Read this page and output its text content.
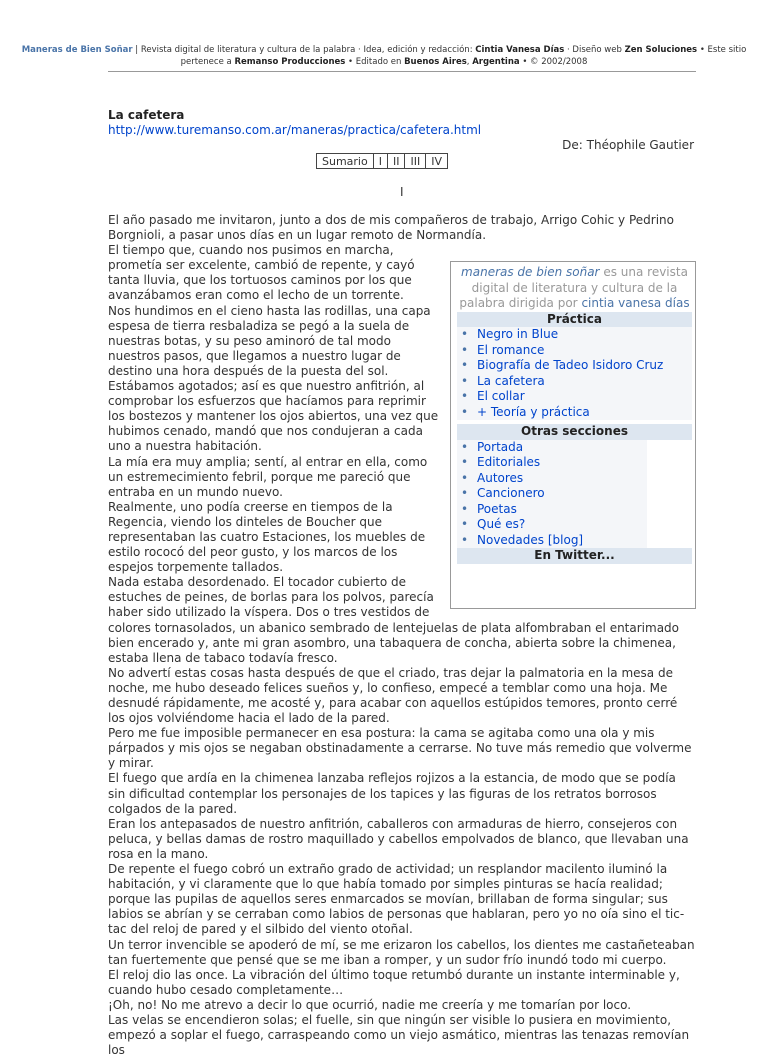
Maneras de Bien Soñar | Revista digital de literatura y cultura de la palabra · Idea, edición y redacción: Cintia Vanesa Días · Diseño web Zen Soluciones • Este sitio pertenece a Remanso Producciones • Editado en Buenos Aires, Argentina • © 2002/2008
La cafetera
http://www.turemanso.com.ar/maneras/practica/cafetera.html
De: Théophile Gautier
Sumario	I	II	III	IV
I

El año pasado me invitaron, junto a dos de mis compañeros de trabajo, Arrigo Cohic y Pedrino Borgnioli, a pasar unos días en un lugar remoto de Normandía.

maneras de bien soñar es una revista digital de literatura y cultura de la palabra dirigida por cintia vanesa días
Práctica
• Negro in Blue
• El romance
• Biografía de Tadeo Isidoro Cruz
• La cafetera
• El collar
• + Teoría y práctica
Otras secciones
• Portada
• Editoriales
• Autores
• Cancionero
• Poetas
• Qué es?
• Novedades [blog]
En Twitter...

El tiempo que, cuando nos pusimos en marcha, prometía ser excelente, cambió de repente, y cayó tanta lluvia, que los tortuosos caminos por los que avanzábamos eran como el lecho de un torrente.

Nos hundimos en el cieno hasta las rodillas, una capa espesa de tierra resbaladiza se pegó a la suela de nuestras botas, y su peso aminoró de tal modo nuestros pasos, que llegamos a nuestro lugar de destino una hora después de la puesta del sol.

Estábamos agotados; así es que nuestro anfitrión, al comprobar los esfuerzos que hacíamos para reprimir los bostezos y mantener los ojos abiertos, una vez que hubimos cenado, mandó que nos condujeran a cada uno a nuestra habitación.

La mía era muy amplia; sentí, al entrar en ella, como un estremecimiento febril, porque me pareció que entraba en un mundo nuevo.

Realmente, uno podía creerse en tiempos de la Regencia, viendo los dinteles de Boucher que representaban las cuatro Estaciones, los muebles de estilo rococó del peor gusto, y los marcos de los espejos torpemente tallados.

Nada estaba desordenado. El tocador cubierto de estuches de peines, de borlas para los polvos, parecía haber sido utilizado la víspera. Dos o tres vestidos de colores tornasolados, un abanico sembrado de lentejuelas de plata alfombraban el entarimado bien encerado y, ante mi gran asombro, una tabaquera de concha, abierta sobre la chimenea, estaba llena de tabaco todavía fresco.

No advertí estas cosas hasta después de que el criado, tras dejar la palmatoria en la mesa de noche, me hubo deseado felices sueños y, lo confieso, empecé a temblar como una hoja. Me desnudé rápidamente, me acosté y, para acabar con aquellos estúpidos temores, pronto cerré los ojos volviéndome hacia el lado de la pared.

Pero me fue imposible permanecer en esa postura: la cama se agitaba como una ola y mis párpados y mis ojos se negaban obstinadamente a cerrarse. No tuve más remedio que volverme y mirar.

El fuego que ardía en la chimenea lanzaba reflejos rojizos a la estancia, de modo que se podía sin dificultad contemplar los personajes de los tapices y las figuras de los retratos borrosos colgados de la pared.

Eran los antepasados de nuestro anfitrión, caballeros con armaduras de hierro, consejeros con peluca, y bellas damas de rostro maquillado y cabellos empolvados de blanco, que llevaban una rosa en la mano.

De repente el fuego cobró un extraño grado de actividad; un resplandor macilento iluminó la habitación, y vi claramente que lo que había tomado por simples pinturas se hacía realidad; porque las pupilas de aquellos seres enmarcados se movían, brillaban de forma singular; sus labios se abrían y se cerraban como labios de personas que hablaran, pero yo no oía sino el tic-tac del reloj de pared y el silbido del viento otoñal.

Un terror invencible se apoderó de mí, se me erizaron los cabellos, los dientes me castañeteaban tan fuertemente que pensé que se me iban a romper, y un sudor frío inundó todo mi cuerpo.

El reloj dio las once. La vibración del último toque retumbó durante un instante interminable y, cuando hubo cesado completamente…

¡Oh, no! No me atrevo a decir lo que ocurrió, nadie me creería y me tomarían por loco.

Las velas se encendieron solas; el fuelle, sin que ningún ser visible lo pusiera en movimiento, empezó a soplar el fuego, carraspeando como un viejo asmático, mientras las tenazas removían los
